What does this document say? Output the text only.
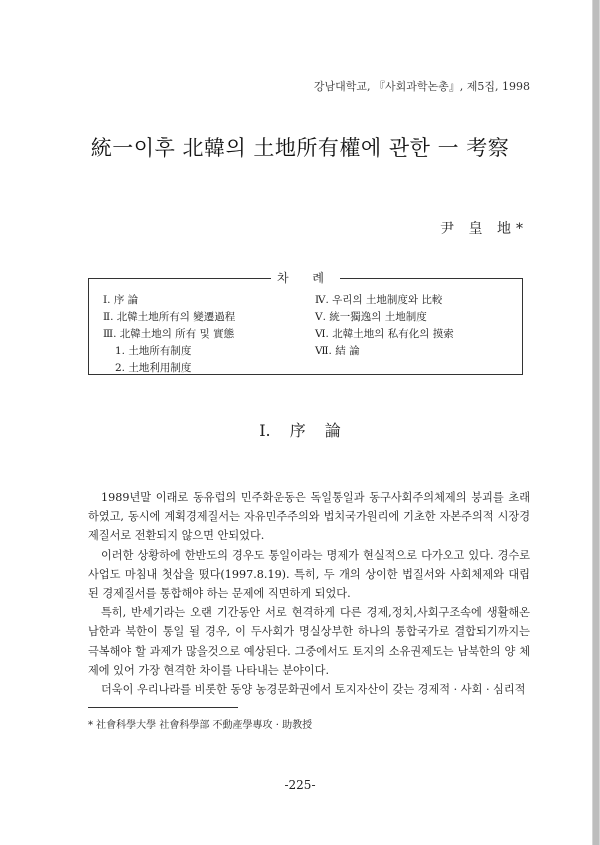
강남대학교, 『사회과학논총』, 제5집, 1998
統一이후 北韓의 土地所有權에 관한 一 考察
尹 皇 地*
차 례
Ⅰ. 序 論
Ⅱ. 北韓土地所有의 變遷過程
Ⅲ. 北韓土地의 所有 및 實態
1. 土地所有制度
2. 土地利用制度
Ⅳ. 우리의 土地制度와 比較
Ⅴ. 統一獨逸의 土地制度
Ⅵ. 北韓土地의 私有化의 摸索
Ⅶ. 結 論
Ⅰ. 序 論

1989년말 이래로 동유럽의 민주화운동은 독일통일과 동구사회주의체제의 붕괴를 초래하였고, 동시에 계획경제질서는 자유민주주의와 법치국가원리에 기초한 자본주의적 시장경제질서로 전환되지 않으면 안되었다.

이러한 상황하에 한반도의 경우도 통일이라는 명제가 현실적으로 다가오고 있다. 경수로사업도 마침내 첫삽을 떴다(1997.8.19). 특히, 두 개의 상이한 법질서와 사회체제와 대립된 경제질서를 통합해야 하는 문제에 직면하게 되었다.

특히, 반세기라는 오랜 기간동안 서로 현격하게 다른 경제,정치,사회구조속에 생활해온 남한과 북한이 통일 될 경우, 이 두사회가 명실상부한 하나의 통합국가로 결합되기까지는 극복해야 할 과제가 많을것으로 예상된다. 그중에서도 토지의 소유권제도는 남북한의 양 체제에 있어 가장 현격한 차이를 나타내는 분야이다.

더욱이 우리나라를 비롯한 동양 농경문화권에서 토지자산이 갖는 경제적 · 사회 · 심리적

* 社會科學大學 社會科學部 不動產學專攻 · 助教授
-225-
